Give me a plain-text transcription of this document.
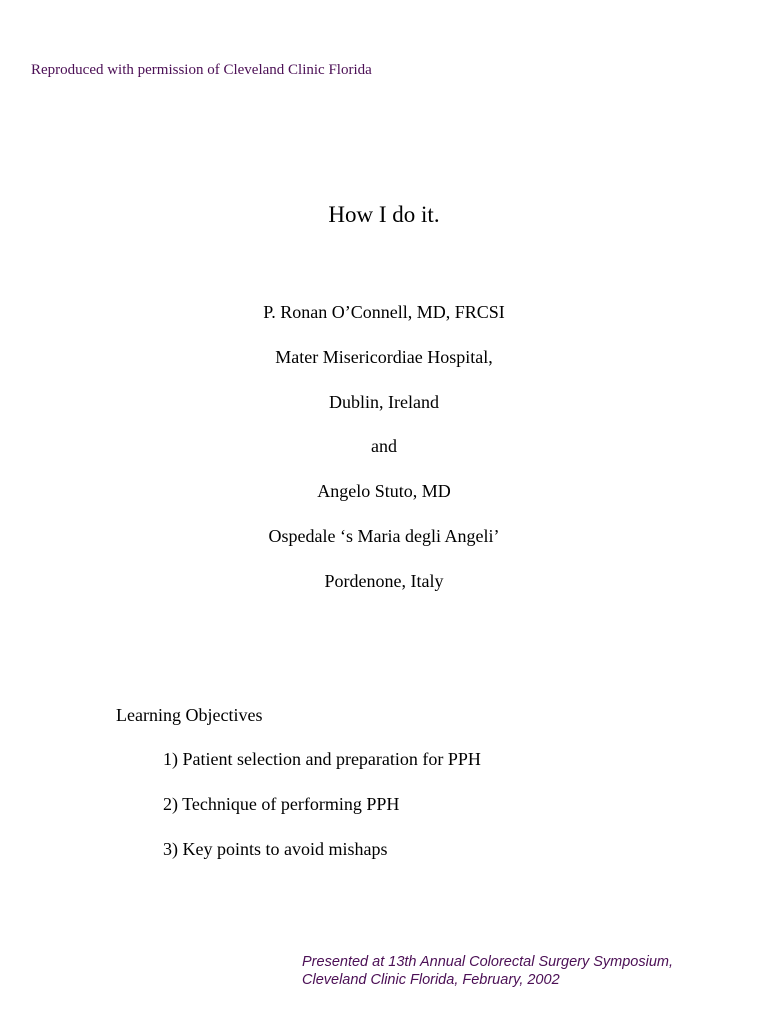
Reproduced with permission of Cleveland Clinic Florida
How I do it.
P. Ronan O’Connell, MD, FRCSI
Mater Misericordiae Hospital,
Dublin, Ireland
and
Angelo Stuto, MD
Ospedale ‘s Maria degli Angeli’
Pordenone, Italy
Learning Objectives
1) Patient selection and preparation for PPH
2) Technique of performing PPH
3) Key points to avoid mishaps
Presented at 13th Annual Colorectal Surgery Symposium,
Cleveland Clinic Florida, February, 2002
